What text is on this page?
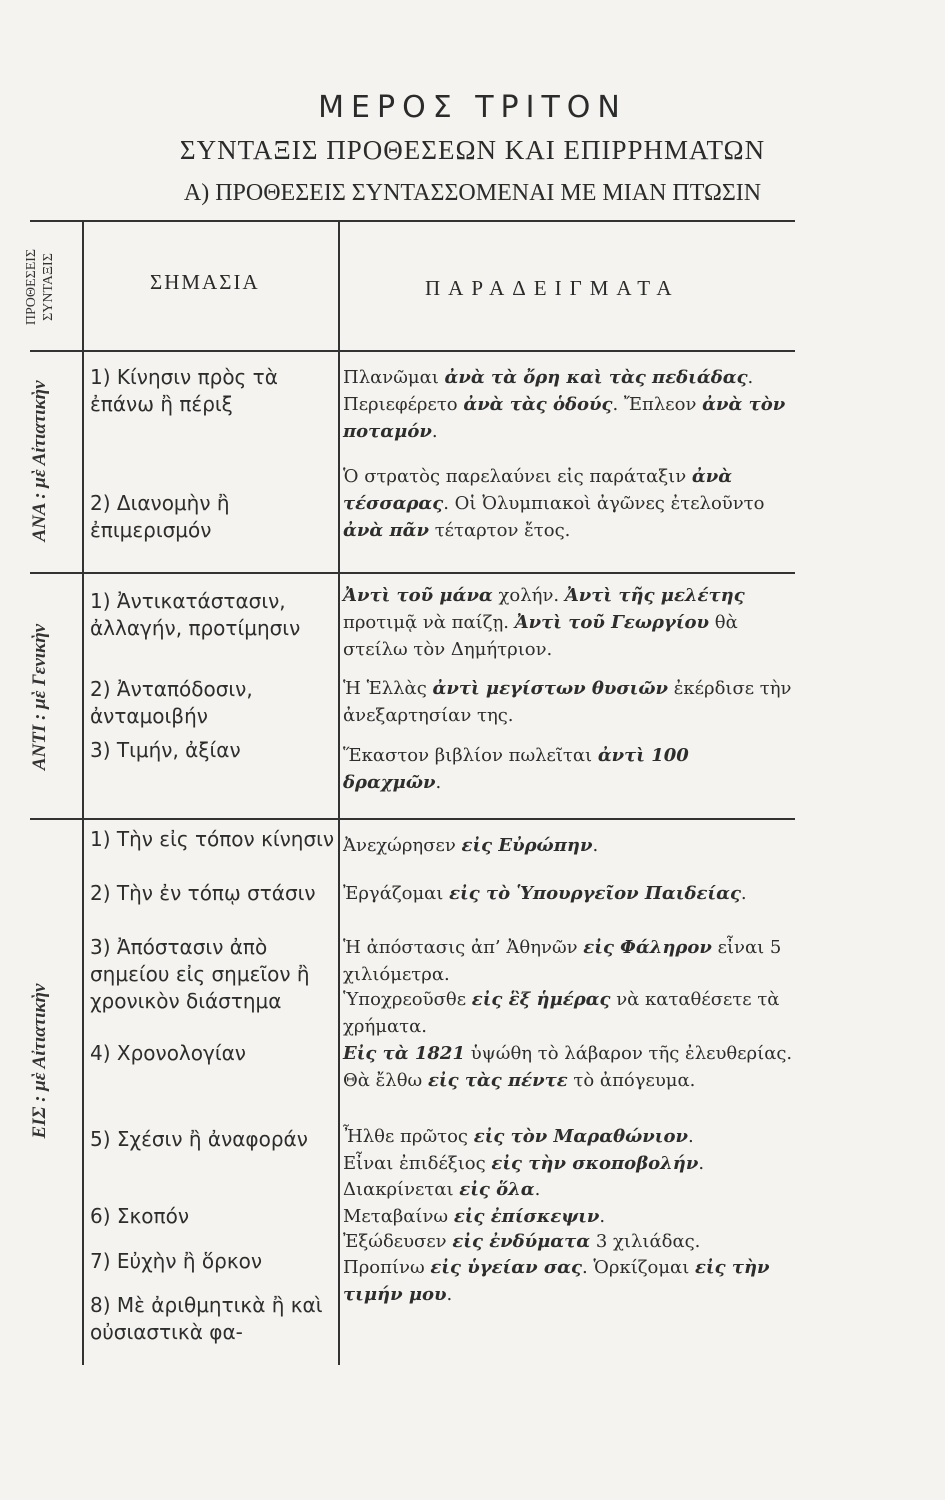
ΜΕΡΟΣ ΤΡΙΤΟΝ
ΣΥΝΤΑΞΙΣ ΠΡΟΘΕΣΕΩΝ ΚΑΙ ΕΠΙΡΡΗΜΑΤΩΝ
Α) ΠΡΟΘΕΣΕΙΣ ΣΥΝΤΑΣΣΟΜΕΝΑΙ ΜΕ ΜΙΑΝ ΠΤΩΣΙΝ
ΠΡΟΘΕΣΕΙΣ ΣΥΝΤΑΞΙΣ	ΣΗΜΑΣΙΑ	ΠΑΡΑΔΕΙΓΜΑΤΑ
ΑΝΑ : μὲ Αἰτιατικὴν
1) Κίνησιν πρὸς τὰ ἐπάνω ἢ πέριξ
2) Διανομὴν ἢ ἐπιμερισμόν
Πλανῶμαι ἀνὰ τὰ ὄρη καὶ τὰς πεδιάδας. Περιεφέρετο ἀνὰ τὰς ὁδούς. Ἔπλεον ἀνὰ τὸν ποταμόν.
Ὁ στρατὸς παρελαύνει εἰς παράταξιν ἀνὰ τέσσαρας. Οἱ Ὀλυμπιακοὶ ἀγῶνες ἐτελοῦντο ἀνὰ πᾶν τέταρτον ἔτος.
ΑΝΤΙ : μὲ Γενικὴν
1) Ἀντικατάστασιν, ἀλλαγήν, προτίμησιν
2) Ἀνταπόδοσιν, ἀνταμοιβήν
3) Τιμήν, ἀξίαν
Ἀντὶ τοῦ μάνα χολήν. Ἀντὶ τῆς μελέτης προτιμᾷ νὰ παίζῃ. Ἀντὶ τοῦ Γεωργίου θὰ στείλω τὸν Δημήτριον.
Ἡ Ἑλλὰς ἀντὶ μεγίστων θυσιῶν ἐκέρδισε τὴν ἀνεξαρτησίαν της.
Ἕκαστον βιβλίον πωλεῖται ἀντὶ 100 δραχμῶν.
ΕΙΣ : μὲ Αἰτιατικὴν
1) Τὴν εἰς τόπον κίνησιν
2) Τὴν ἐν τόπῳ στάσιν
3) Ἀπόστασιν ἀπὸ σημείου εἰς σημεῖον ἢ χρονικὸν διάστημα
4) Χρονολογίαν
5) Σχέσιν ἢ ἀναφοράν
6) Σκοπόν
7) Εὐχὴν ἢ ὅρκον
8) Μὲ ἀριθμητικὰ ἢ καὶ οὐσιαστικὰ φα-
Ἀνεχώρησεν εἰς Εὐρώπην.
Ἐργάζομαι εἰς τὸ Ὑπουργεῖον Παιδείας.
Ἡ ἀπόστασις ἀπ’ Ἀθηνῶν εἰς Φάληρον εἶναι 5 χιλιόμετρα.
Ὑποχρεοῦσθε εἰς ἓξ ἡμέρας νὰ καταθέσετε τὰ χρήματα.
Εἰς τὰ 1821 ὑψώθη τὸ λάβαρον τῆς ἐλευθερίας. Θὰ ἔλθω εἰς τὰς πέντε τὸ ἀπόγευμα.
Ἦλθε πρῶτος εἰς τὸν Μαραθώνιον.
Εἶναι ἐπιδέξιος εἰς τὴν σκοποβολήν.
Διακρίνεται εἰς ὅλα.
Μεταβαίνω εἰς ἐπίσκεψιν.
Ἐξώδευσεν εἰς ἐνδύματα 3 χιλιάδας.
Προπίνω εἰς ὑγείαν σας. Ὁρκίζομαι εἰς τὴν τιμήν μου.
